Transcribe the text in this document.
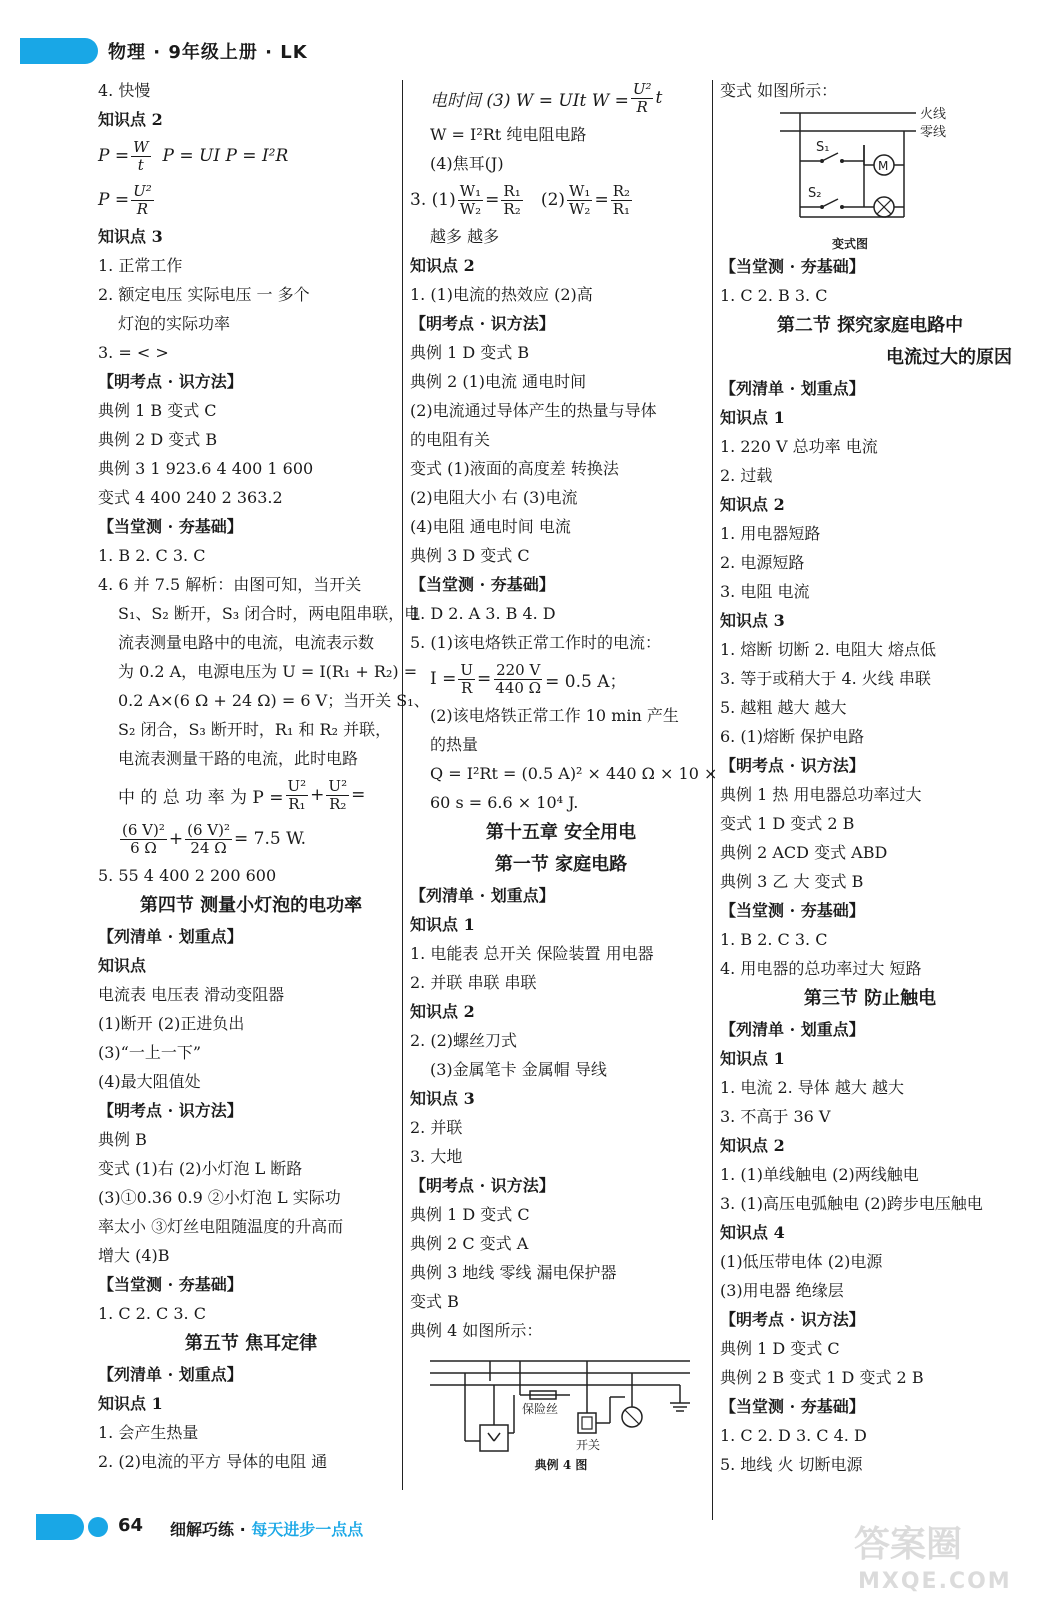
物理 · 9年级上册 · LK
4. 快慢
知识点 2
$P = \frac{W}{t}$ P = UI P = I²R
$P = \frac{\text{U²}}{R}$
知识点 3
1. 正常工作
2. 额定电压 实际电压 一 多个
灯泡的实际功率
3. = < >
【明考点 · 识方法】
典例 1 B 变式 C
典例 2 D 变式 B
典例 3 1 923.6 4 400 1 600
变式 4 400 240 2 363.2
【当堂测 · 夯基础】
1. B 2. C 3. C
4. 6 并 7.5 解析：由图可知，当开关
S₁、S₂ 断开，S₃ 闭合时，两电阻串联，电
流表测量电路中的电流，电流表示数
为 0.2 A，电源电压为 U = I(R₁ + R₂) =
0.2 A×(6 Ω + 24 Ω) = 6 V；当开关 S₁、
S₂ 闭合，S₃ 断开时，R₁ 和 R₂ 并联，
电流表测量干路的电流，此时电路
中 的 总 功 率 为 $P = \frac{\text{U²}}{\text{R₁}} + \frac{\text{U²}}{\text{R₂}}$ =
$\frac{\text{(6 V)²}}{6 \Omega} + \frac{\text{(6 V)²}}{24 \Omega} = 7.5$ W.
5. 55 4 400 2 200 600
第四节 测量小灯泡的电功率
【列清单 · 划重点】
知识点
电流表 电压表 滑动变阻器
(1)断开 (2)正进负出
(3)“一上一下”
(4)最大阻值处
【明考点 · 识方法】
典例 B
变式 (1)右 (2)小灯泡 L 断路
(3)①0.36 0.9 ②小灯泡 L 实际功
率太小 ③灯丝电阻随温度的升高而
增大 (4)B
【当堂测 · 夯基础】
1. C 2. C 3. C
第五节 焦耳定律
【列清单 · 划重点】
知识点 1
1. 会产生热量
2. (2)电流的平方 导体的电阻 通
电时间 (3) W = UIt $W = \frac{\text{U²}}{R}$ t
W = I²Rt 纯电阻电路
(4)焦耳(J)
3. $(1) \frac{\text{W₁}}{\text{W₂}} = \frac{\text{R₁}}{\text{R₂}} (2) \frac{\text{W₁}}{\text{W₂}} = \frac{\text{R₂}}{\text{R₁}}$
越多 越多
知识点 2
1. (1)电流的热效应 (2)高
【明考点 · 识方法】
典例 1 D 变式 B
典例 2 (1)电流 通电时间
(2)电流通过导体产生的热量与导体
的电阻有关
变式 (1)液面的高度差 转换法
(2)电阻大小 右 (3)电流
(4)电阻 通电时间 电流
典例 3 D 变式 C
【当堂测 · 夯基础】
1. D 2. A 3. B 4. D
5. (1)该电烙铁正常工作时的电流：
$I = \frac{U}{R} = \frac{220 V}{440 \Omega} = 0.5$ A；
(2)该电烙铁正常工作 10 min 产生
的热量
Q = I²Rt = (0.5 A)² × 440 Ω × 10 ×
60 s = 6.6 × 10⁴ J.
第十五章 安全用电
第一节 家庭电路
【列清单 · 划重点】
知识点 1
1. 电能表 总开关 保险装置 用电器
2. 并联 串联 串联
知识点 2
2. (2)螺丝刀式
(3)金属笔卡 金属帽 导线
知识点 3
2. 并联
3. 大地
【明考点 · 识方法】
典例 1 D 变式 C
典例 2 C 变式 A
典例 3 地线 零线 漏电保护器
变式 B
典例 4 如图所示：
保险丝
开关
典例 4 图
变式 如图所示：
火线
零线
S₁
M
S₂
变式图
【当堂测 · 夯基础】
1. C 2. B 3. C
第二节 探究家庭电路中
电流过大的原因
【列清单 · 划重点】
知识点 1
1. 220 V 总功率 电流
2. 过载
知识点 2
1. 用电器短路
2. 电源短路
3. 电阻 电流
知识点 3
1. 熔断 切断 2. 电阻大 熔点低
3. 等于或稍大于 4. 火线 串联
5. 越粗 越大 越大
6. (1)熔断 保护电路
【明考点 · 识方法】
典例 1 热 用电器总功率过大
变式 1 D 变式 2 B
典例 2 ACD 变式 ABD
典例 3 乙 大 变式 B
【当堂测 · 夯基础】
1. B 2. C 3. C
4. 用电器的总功率过大 短路
第三节 防止触电
【列清单 · 划重点】
知识点 1
1. 电流 2. 导体 越大 越大
3. 不高于 36 V
知识点 2
1. (1)单线触电 (2)两线触电
3. (1)高压电弧触电 (2)跨步电压触电
知识点 4
(1)低压带电体 (2)电源
(3)用电器 绝缘层
【明考点 · 识方法】
典例 1 D 变式 C
典例 2 B 变式 1 D 变式 2 B
【当堂测 · 夯基础】
1. C 2. D 3. C 4. D
5. 地线 火 切断电源
64 细解巧练 · 每天进步一点点	答案圈
MXQE.COM
